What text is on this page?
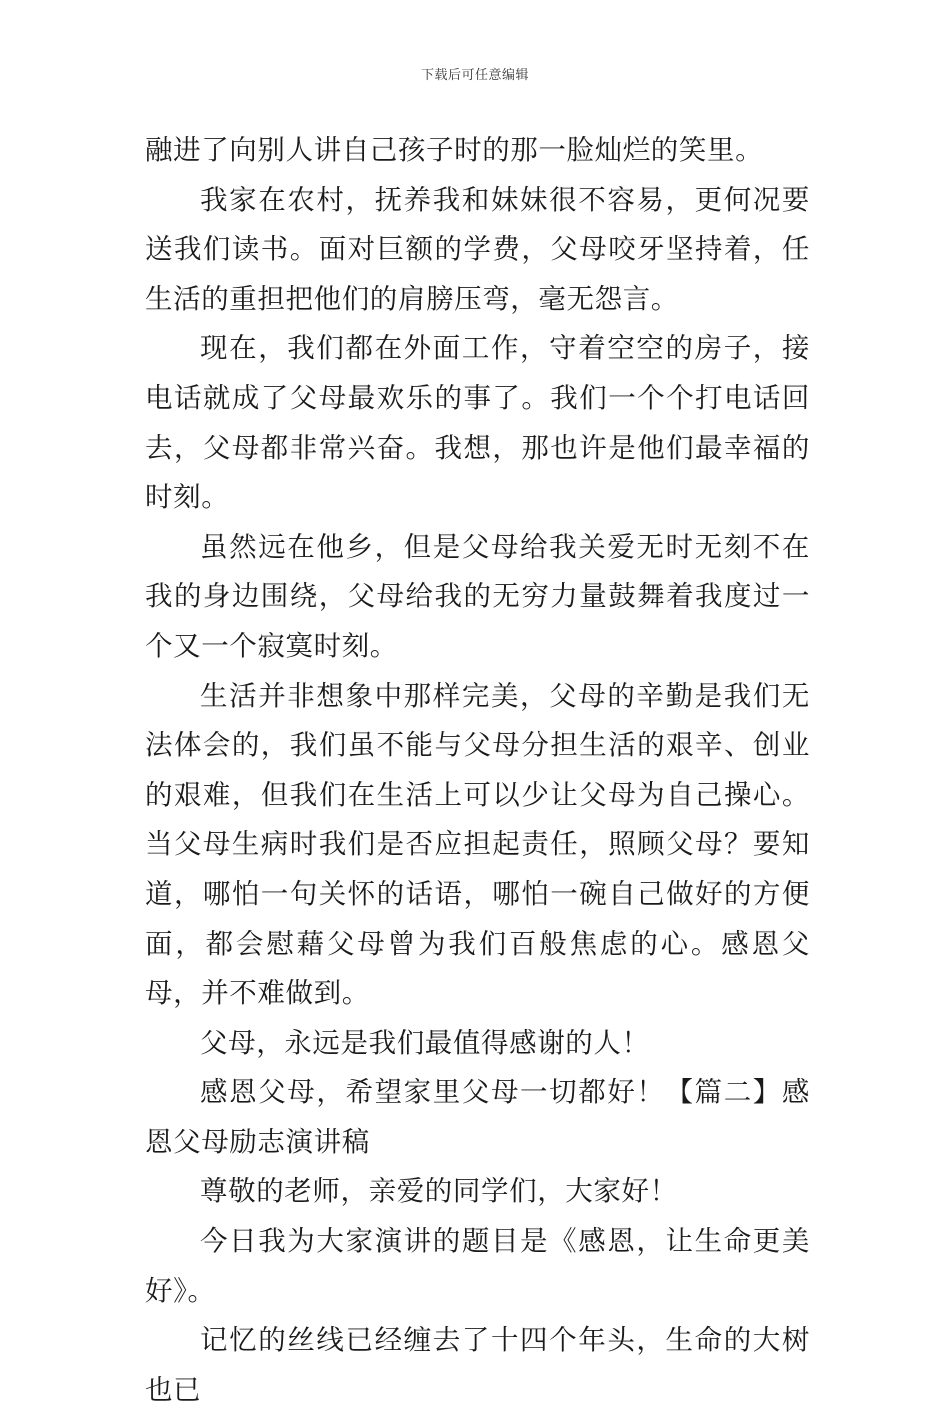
下载后可任意编辑

融进了向别人讲自己孩子时的那一脸灿烂的笑里。

我家在农村，抚养我和妹妹很不容易，更何况要送我们读书。面对巨额的学费，父母咬牙坚持着，任生活的重担把他们的肩膀压弯，毫无怨言。

现在，我们都在外面工作，守着空空的房子，接电话就成了父母最欢乐的事了。我们一个个打电话回去，父母都非常兴奋。我想，那也许是他们最幸福的时刻。

虽然远在他乡，但是父母给我关爱无时无刻不在我的身边围绕，父母给我的无穷力量鼓舞着我度过一个又一个寂寞时刻。

生活并非想象中那样完美，父母的辛勤是我们无法体会的，我们虽不能与父母分担生活的艰辛、创业的艰难，但我们在生活上可以少让父母为自己操心。当父母生病时我们是否应担起责任，照顾父母？要知道，哪怕一句关怀的话语，哪怕一碗自己做好的方便面，都会慰藉父母曾为我们百般焦虑的心。感恩父母，并不难做到。

父母，永远是我们最值得感谢的人！

感恩父母，希望家里父母一切都好！【篇二】感恩父母励志演讲稿

尊敬的老师，亲爱的同学们，大家好！

今日我为大家演讲的题目是《感恩，让生命更美好》。

记忆的丝线已经缠去了十四个年头，生命的大树也已
